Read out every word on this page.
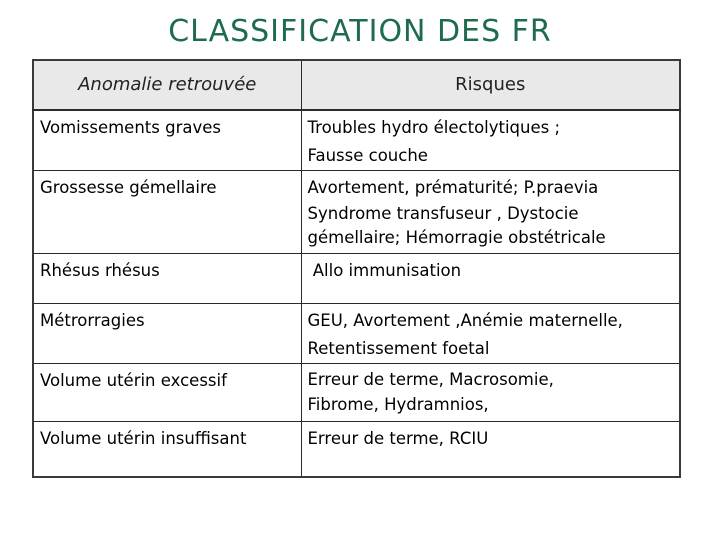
CLASSIFICATION DES FR
Anomalie retrouvée	Risques
Vomissements graves	Troubles hydro électolytiques ;
Fausse couche

Grossesse gémellaire	Avortement, prématurité; P.praevia
Syndrome transfuseur , Dystocie
gémellaire; Hémorragie obstétricale

Rhésus rhésus	Allo immunisation

Métrorragies	GEU, Avortement ,Anémie maternelle,
Retentissement foetal

Volume utérin excessif	Erreur de terme, Macrosomie,
Fibrome, Hydramnios,

Volume utérin insuffisant	Erreur de terme, RCIU
